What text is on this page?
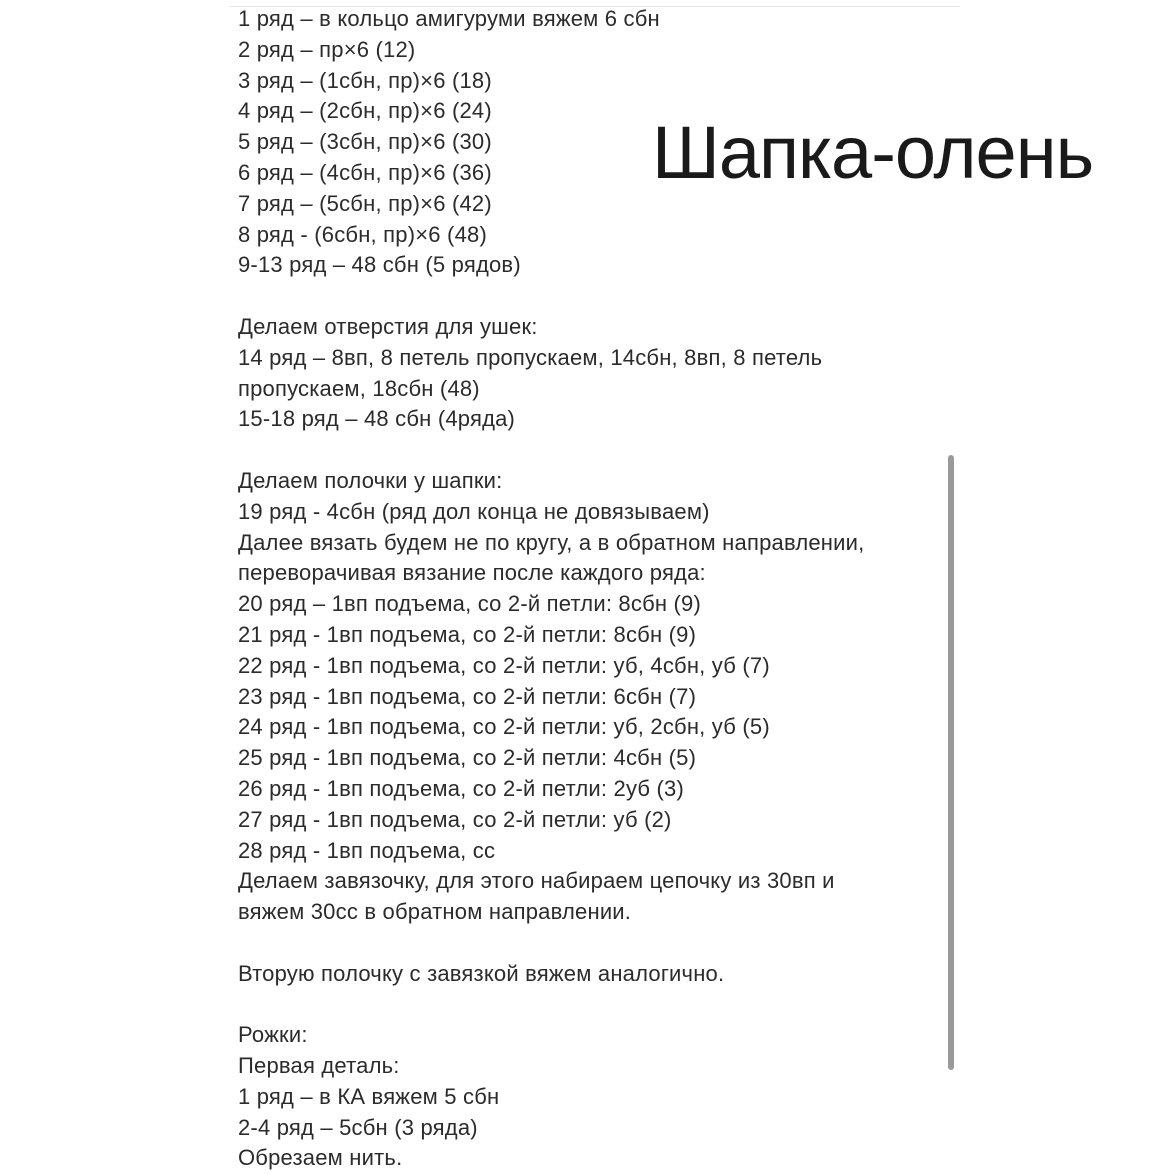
Шапка-олень
1 ряд – в кольцо амигуруми вяжем 6 сбн
2 ряд – пр×6 (12)
3 ряд – (1сбн, пр)×6 (18)
4 ряд – (2сбн, пр)×6 (24)
5 ряд – (3сбн, пр)×6 (30)
6 ряд – (4сбн, пр)×6 (36)
7 ряд – (5сбн, пр)×6 (42)
8 ряд - (6сбн, пр)×6 (48)
9-13 ряд – 48 сбн (5 рядов)
Делаем отверстия для ушек:
14 ряд – 8вп, 8 петель пропускаем, 14сбн, 8вп, 8 петель
пропускаем, 18сбн (48)
15-18 ряд – 48 сбн (4ряда)
Делаем полочки у шапки:
19 ряд - 4сбн (ряд дол конца не довязываем)
Далее вязать будем не по кругу, а в обратном направлении,
переворачивая вязание после каждого ряда:
20 ряд – 1вп подъема, со 2-й петли: 8сбн (9)
21 ряд - 1вп подъема, со 2-й петли: 8сбн (9)
22 ряд - 1вп подъема, со 2-й петли: уб, 4сбн, уб (7)
23 ряд - 1вп подъема, со 2-й петли: 6сбн (7)
24 ряд - 1вп подъема, со 2-й петли: уб, 2сбн, уб (5)
25 ряд - 1вп подъема, со 2-й петли: 4сбн (5)
26 ряд - 1вп подъема, со 2-й петли: 2уб (3)
27 ряд - 1вп подъема, со 2-й петли: уб (2)
28 ряд - 1вп подъема, сс
Делаем завязочку, для этого набираем цепочку из 30вп и
вяжем 30сс в обратном направлении.
Вторую полочку с завязкой вяжем аналогично.
Рожки:
Первая деталь:
1 ряд – в КА вяжем 5 сбн
2-4 ряд – 5сбн (3 ряда)
Обрезаем нить.
